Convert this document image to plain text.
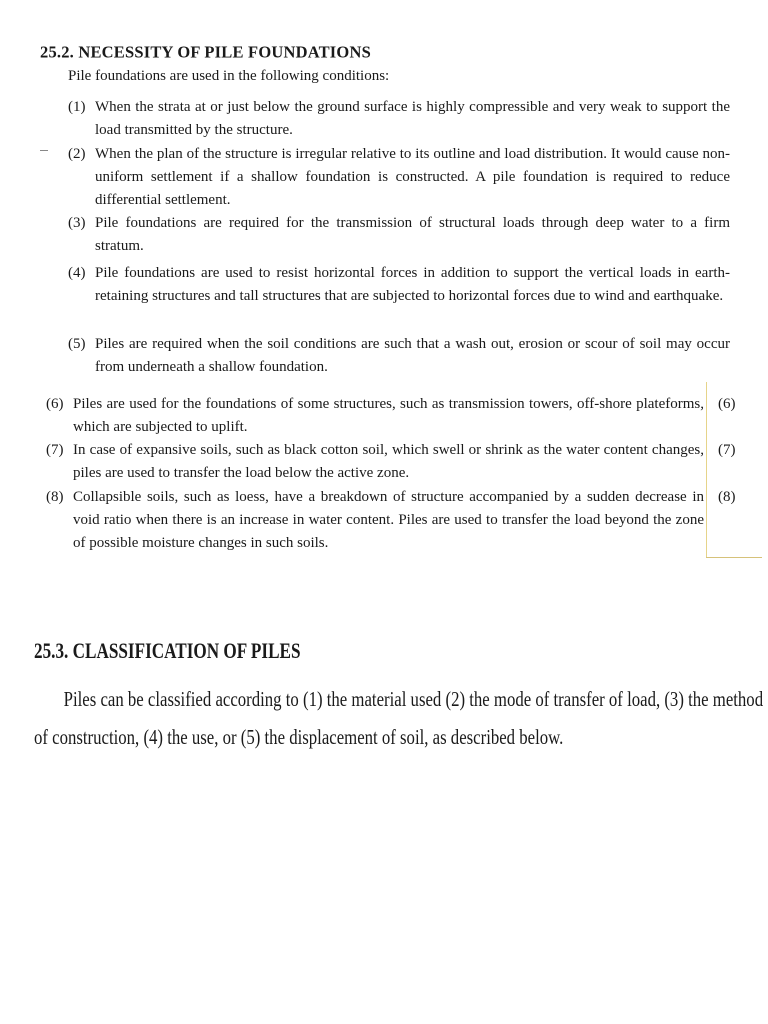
25.2. NECESSITY OF PILE FOUNDATIONS
Pile foundations are used in the following conditions:
(1) When the strata at or just below the ground surface is highly compressible and very weak to support the load transmitted by the structure.
(2) When the plan of the structure is irregular relative to its outline and load distribution. It would cause non-uniform settlement if a shallow foundation is constructed. A pile foundation is required to reduce differential settlement.
(3) Pile foundations are required for the transmission of structural loads through deep water to a firm stratum.
(4) Pile foundations are used to resist horizontal forces in addition to support the vertical loads in earth-retaining structures and tall structures that are subjected to horizontal forces due to wind and earthquake.
(5) Piles are required when the soil conditions are such that a wash out, erosion or scour of soil may occur from underneath a shallow foundation.
(6) Piles are used for the foundations of some structures, such as transmission towers, off-shore plateforms, which are subjected to uplift.
(7) In case of expansive soils, such as black cotton soil, which swell or shrink as the water content changes, piles are used to transfer the load below the active zone.
(8) Collapsible soils, such as loess, have a breakdown of structure accompanied by a sudden decrease in void ratio when there is an increase in water content. Piles are used to transfer the load beyond the zone of possible moisture changes in such soils.
(6)
(7)
(8)
25.3. CLASSIFICATION OF PILES
Piles can be classified according to (1) the material used (2) the mode of transfer of load, (3) the method
of construction, (4) the use, or (5) the displacement of soil, as described below.
